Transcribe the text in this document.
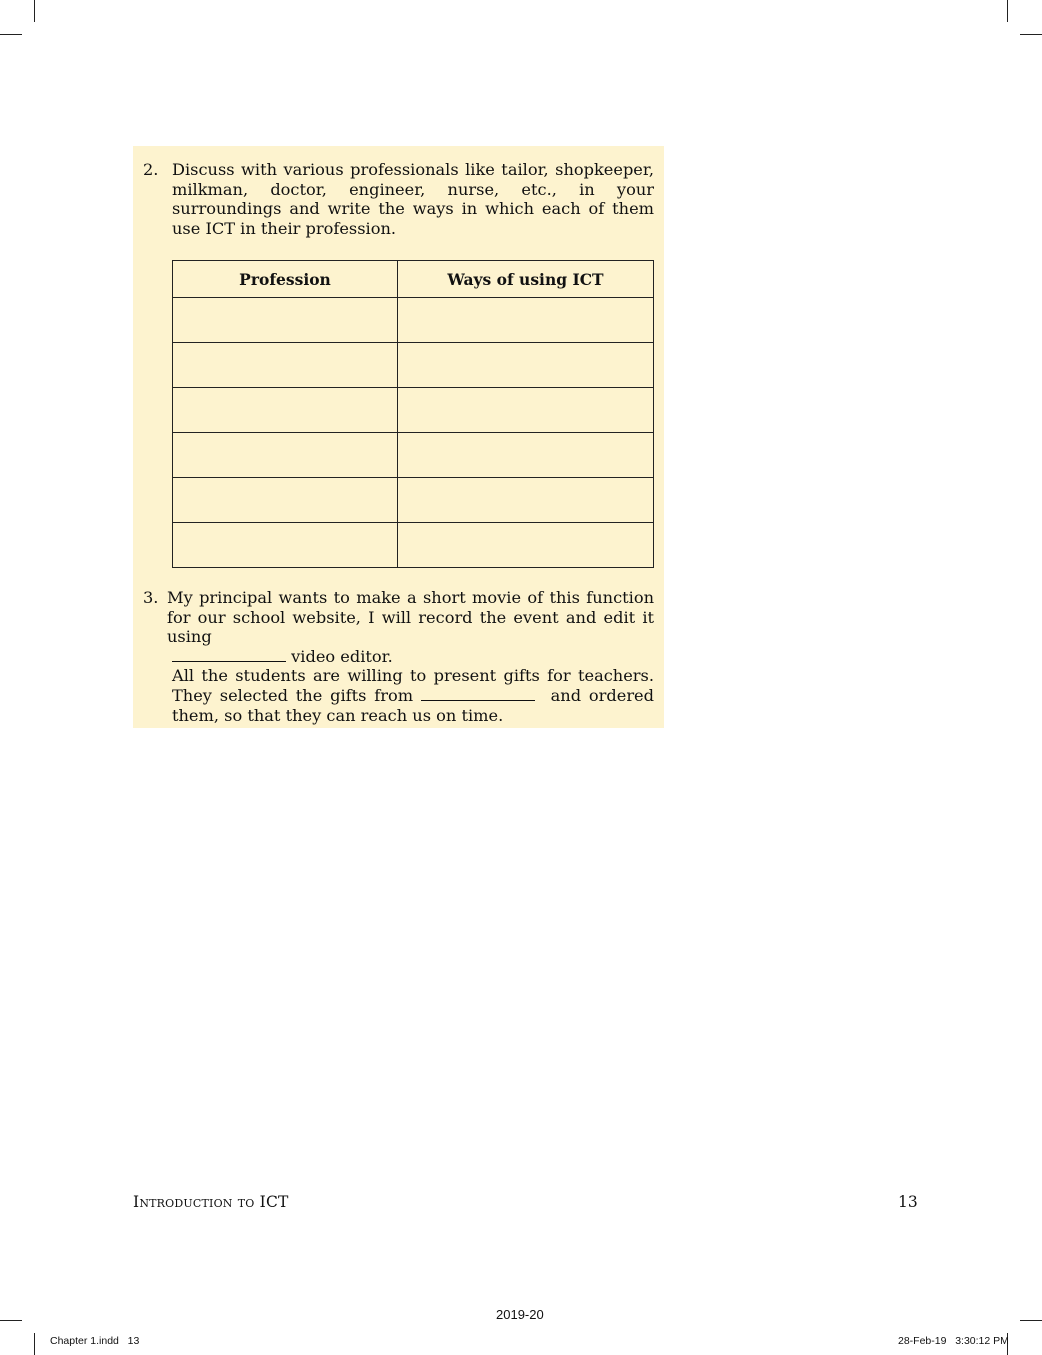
2. Discuss with various professionals like tailor, shopkeeper, milkman, doctor, engineer, nurse, etc., in your surroundings and write the ways in which each of them use ICT in their profession.

Profession	Ways of using ICT

3. My principal wants to make a short movie of this function for our school website, I will record the event and edit it using
video editor.

All the students are willing to present gifts for teachers. They selected the gifts from	and ordered them, so that they can reach us on time.

Introduction to ICT	13
2019-20
Chapter 1.indd   13	28-Feb-19   3:30:12 PM
